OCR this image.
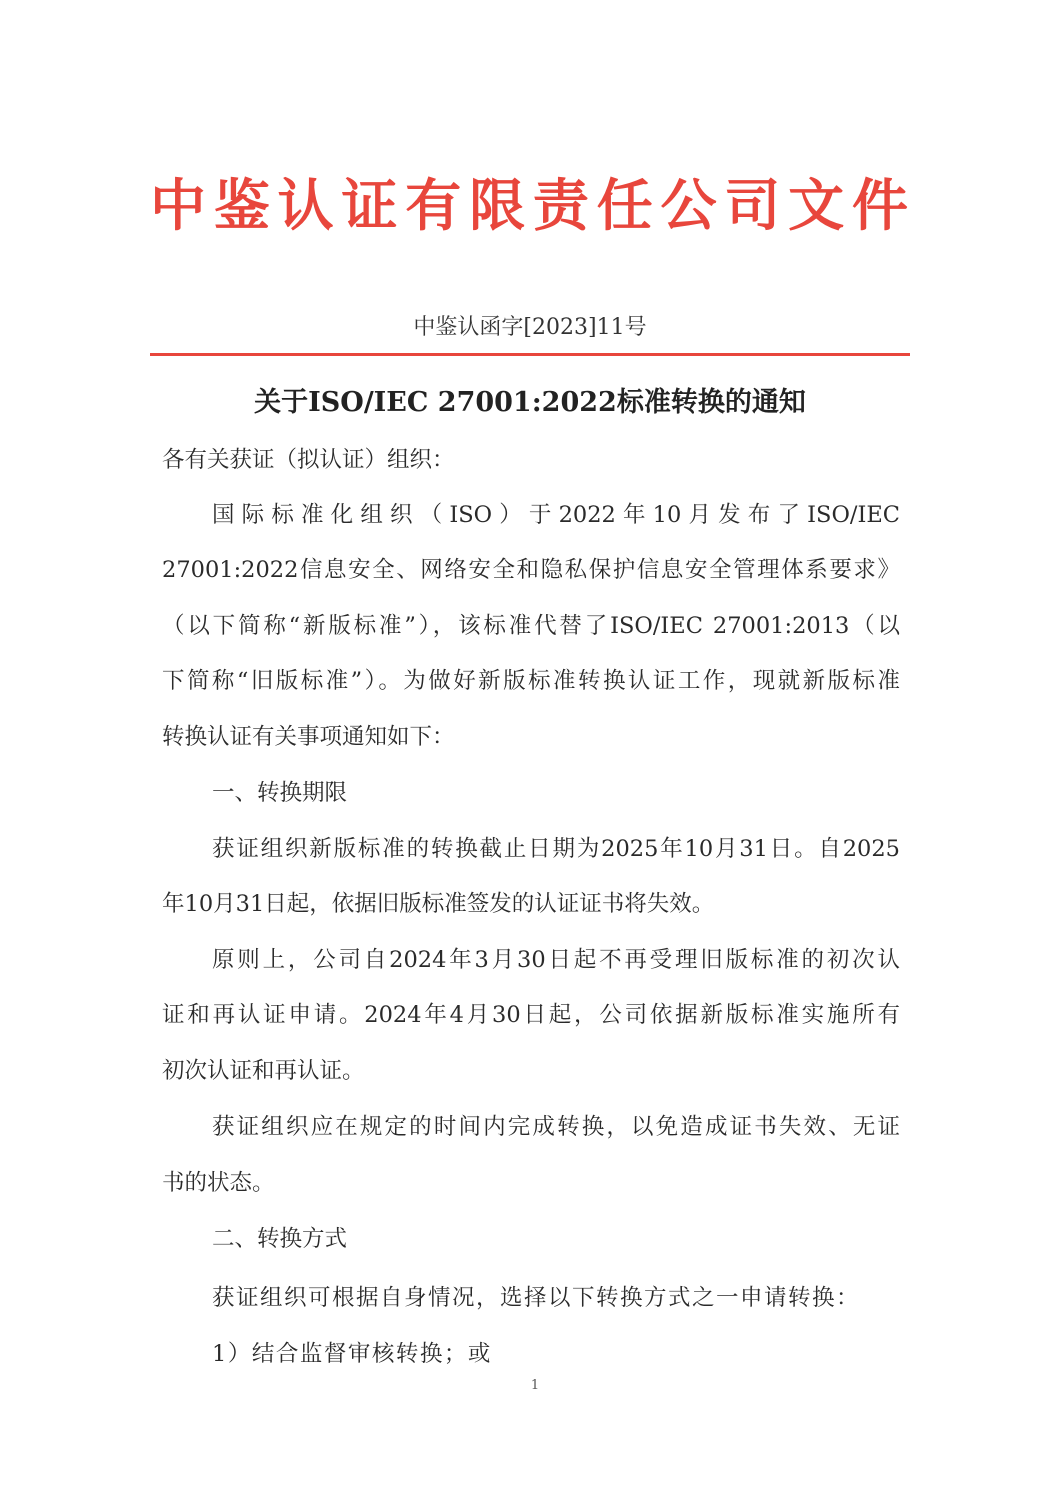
中鉴认证有限责任公司文件
中鉴认函字[2023]11号
关于ISO/IEC 27001:2022标准转换的通知
各有关获证（拟认证）组织：
国际标准化组织（ISO）于2022年10月发布了ISO/IEC
27001:2022信息安全、网络安全和隐私保护信息安全管理体系要求》
（以下简称“新版标准”），该标准代替了ISO/IEC 27001:2013（以
下简称“旧版标准”）。为做好新版标准转换认证工作，现就新版标准
转换认证有关事项通知如下：
一、转换期限
获证组织新版标准的转换截止日期为2025年10月31日。自2025
年10月31日起，依据旧版标准签发的认证证书将失效。
原则上，公司自2024年3月30日起不再受理旧版标准的初次认
证和再认证申请。2024年4月30日起，公司依据新版标准实施所有
初次认证和再认证。
获证组织应在规定的时间内完成转换，以免造成证书失效、无证
书的状态。
二、转换方式
获证组织可根据自身情况，选择以下转换方式之一申请转换：
1）结合监督审核转换；或
1
